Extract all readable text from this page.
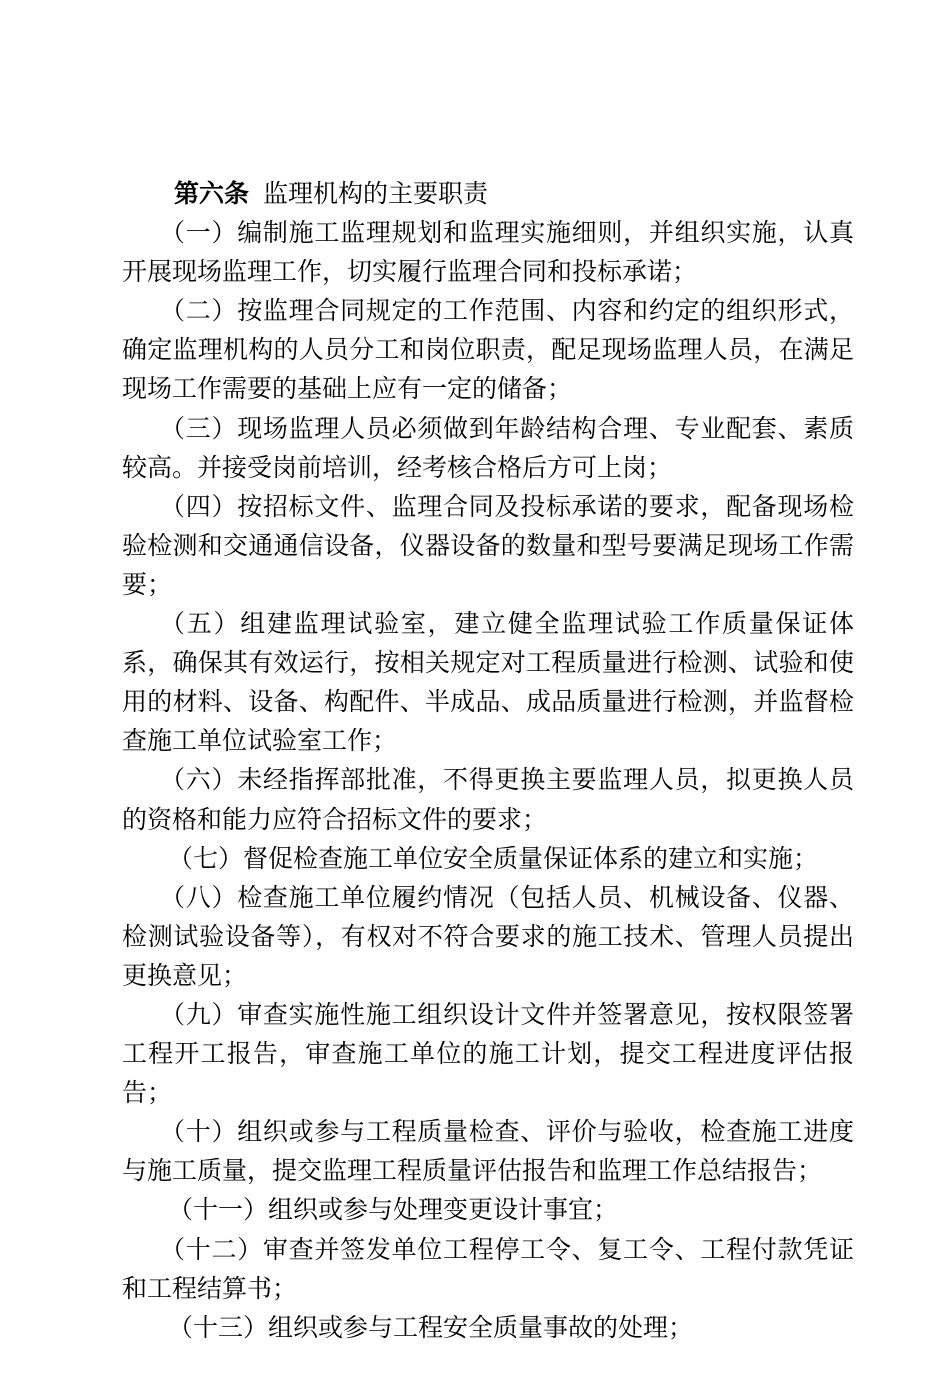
第六条 监理机构的主要职责

（一）编制施工监理规划和监理实施细则，并组织实施，认真开展现场监理工作，切实履行监理合同和投标承诺；

（二）按监理合同规定的工作范围、内容和约定的组织形式，确定监理机构的人员分工和岗位职责，配足现场监理人员，在满足现场工作需要的基础上应有一定的储备；

（三）现场监理人员必须做到年龄结构合理、专业配套、素质较高。并接受岗前培训，经考核合格后方可上岗；

（四）按招标文件、监理合同及投标承诺的要求，配备现场检验检测和交通通信设备，仪器设备的数量和型号要满足现场工作需要；

（五）组建监理试验室，建立健全监理试验工作质量保证体系，确保其有效运行，按相关规定对工程质量进行检测、试验和使用的材料、设备、构配件、半成品、成品质量进行检测，并监督检查施工单位试验室工作；

（六）未经指挥部批准，不得更换主要监理人员，拟更换人员的资格和能力应符合招标文件的要求；

（七）督促检查施工单位安全质量保证体系的建立和实施；

（八）检查施工单位履约情况（包括人员、机械设备、仪器、检测试验设备等），有权对不符合要求的施工技术、管理人员提出更换意见；

（九）审查实施性施工组织设计文件并签署意见，按权限签署工程开工报告，审查施工单位的施工计划，提交工程进度评估报告；

（十）组织或参与工程质量检查、评价与验收，检查施工进度与施工质量，提交监理工程质量评估报告和监理工作总结报告；

（十一）组织或参与处理变更设计事宜；

（十二）审查并签发单位工程停工令、复工令、工程付款凭证和工程结算书；

（十三）组织或参与工程安全质量事故的处理；
